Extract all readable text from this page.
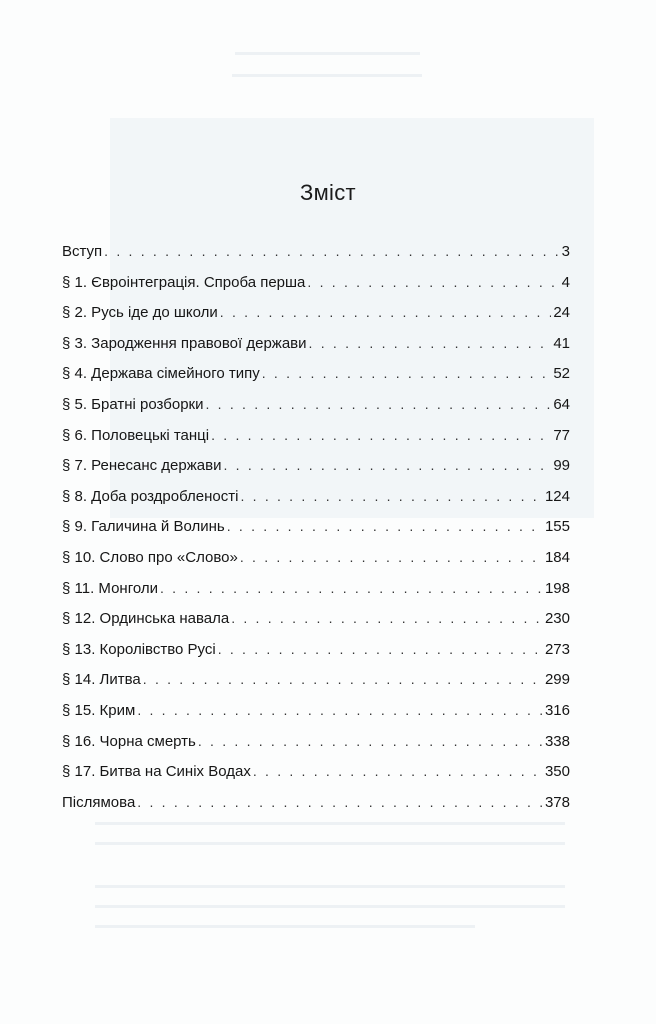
Зміст
Вступ . . .	3
§ 1. Євроінтеграція. Спроба перша . . .	4
§ 2. Русь іде до школи . . .	24
§ 3. Зародження правової держави . . .	41
§ 4. Держава сімейного типу . . .	52
§ 5. Братні розборки . . .	64
§ 6. Половецькі танці . . .	77
§ 7. Ренесанс держави . . .	99
§ 8. Доба роздробленості . . .	124
§ 9. Галичина й Волинь . . .	155
§ 10. Слово про «Слово» . . .	184
§ 11. Монголи . . .	198
§ 12. Ординська навала . . .	230
§ 13. Королівство Русі . . .	273
§ 14. Литва . . .	299
§ 15. Крим . . .	316
§ 16. Чорна смерть . . .	338
§ 17. Битва на Синіх Водах . . .	350
Післямова . . .	378
